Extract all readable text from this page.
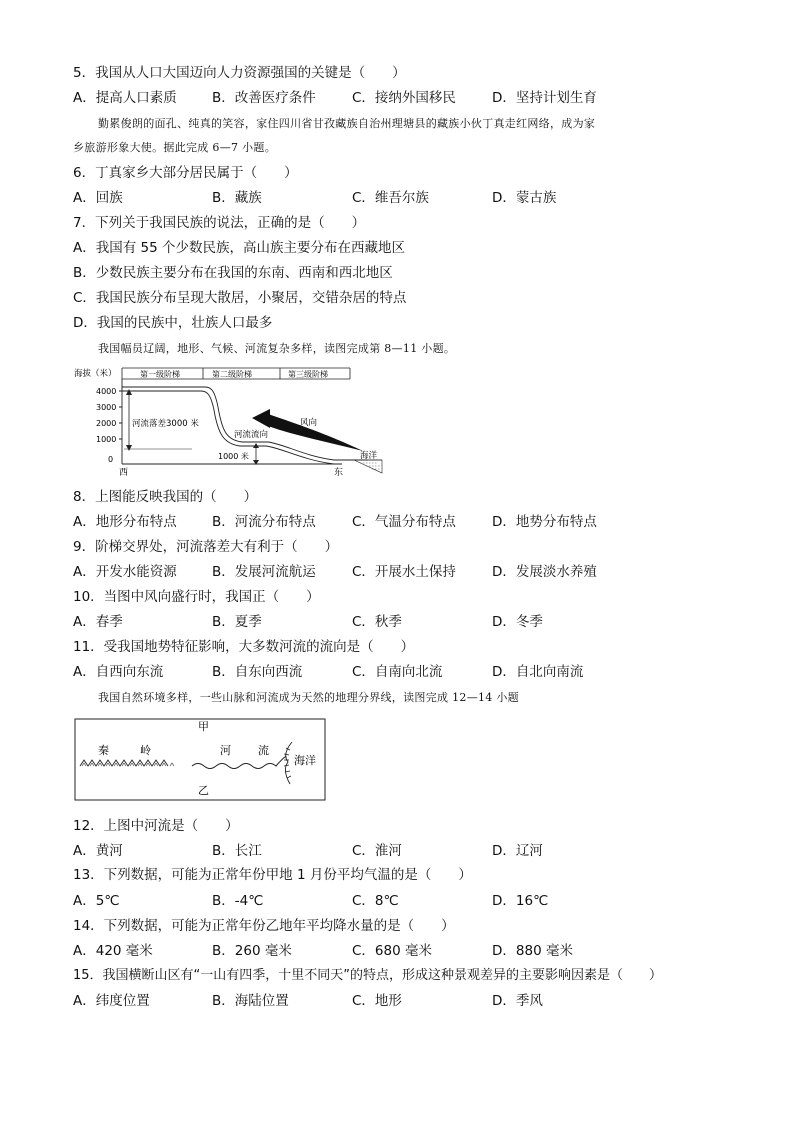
5．我国从人口大国迈向人力资源强国的关键是（　　）
A．提高人口素质	B．改善医疗条件	C．接纳外国移民	D．坚持计划生育
勤累俊朗的面孔、纯真的笑容，家住四川省甘孜藏族自治州理塘县的藏族小伙丁真走红网络，成为家
乡旅游形象大使。据此完成 6—7 小题。
6．丁真家乡大部分居民属于（　　）
A．回族	B．藏族	C．维吾尔族	D．蒙古族
7．下列关于我国民族的说法，正确的是（　　）
A．我国有 55 个少数民族，高山族主要分布在西藏地区
B．少数民族主要分布在我国的东南、西南和西北地区
C．我国民族分布呈现大散居，小聚居，交错杂居的特点
D．我国的民族中，壮族人口最多
我国幅员辽阔，地形、气候、河流复杂多样，读图完成第 8—11 小题。
海拔（米）	第一级阶梯	第二级阶梯	第三级阶梯
4000
3000
2000
1000
0
河流落差3000 米
河流流向
1000 米
风向
海洋
西	东
8．上图能反映我国的（　　）
A．地形分布特点	B．河流分布特点	C．气温分布特点	D．地势分布特点
9．阶梯交界处，河流落差大有利于（　　）
A．开发水能资源	B．发展河流航运	C．开展水土保持	D．发展淡水养殖
10．当图中风向盛行时，我国正（　　）
A．春季	B．夏季	C．秋季	D．冬季
11．受我国地势特征影响，大多数河流的流向是（　　）
A．自西向东流	B．自东向西流	C．自南向北流	D．自北向南流
我国自然环境多样，一些山脉和河流成为天然的地理分界线，读图完成 12—14 小题
甲
乙
秦	岭	河 流
海洋
12．上图中河流是（　　）
A．黄河	B．长江	C．淮河	D．辽河
13．下列数据，可能为正常年份甲地 1 月份平均气温的是（　　）
A．5℃	B．-4℃	C．8℃	D．16℃
14．下列数据，可能为正常年份乙地年平均降水量的是（　　）
A．420 毫米	B．260 毫米	C．680 毫米	D．880 毫米
15．我国横断山区有“一山有四季，十里不同天”的特点，形成这种景观差异的主要影响因素是（　　）
A．纬度位置	B．海陆位置	C．地形	D．季风
